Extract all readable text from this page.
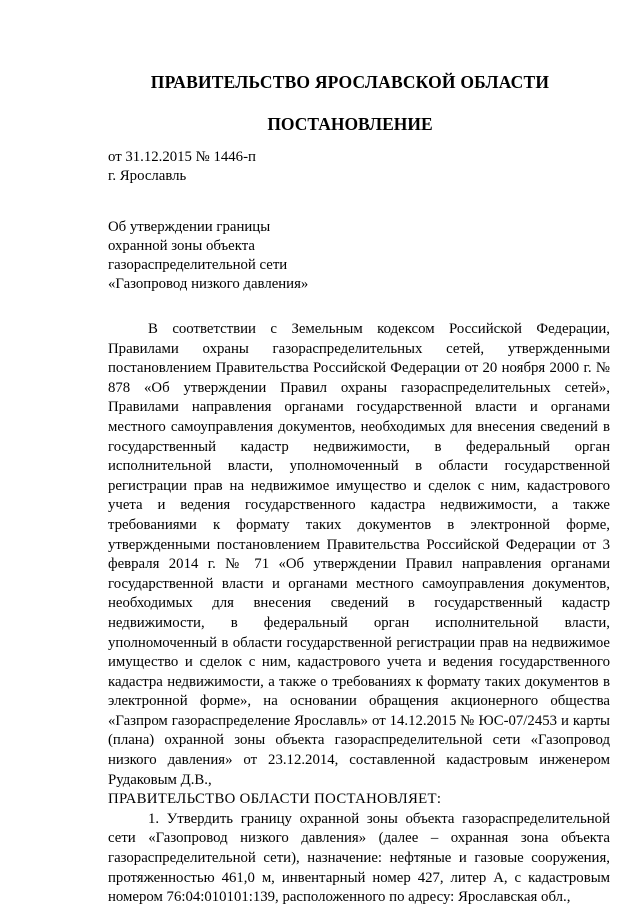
ПРАВИТЕЛЬСТВО ЯРОСЛАВСКОЙ ОБЛАСТИ
ПОСТАНОВЛЕНИЕ
от 31.12.2015 № 1446-п
г. Ярославль
Об утверждении границы
охранной зоны объекта
газораспределительной сети
«Газопровод низкого давления»

В соответствии с Земельным кодексом Российской Федерации, Правилами охраны газораспределительных сетей, утвержденными постановлением Правительства Российской Федерации от 20 ноября 2000 г. № 878 «Об утверждении Правил охраны газораспределительных сетей», Правилами направления органами государственной власти и органами местного самоуправления документов, необходимых для внесения сведений в государственный кадастр недвижимости, в федеральный орган исполнительной власти, уполномоченный в области государственной регистрации прав на недвижимое имущество и сделок с ним, кадастрового учета и ведения государственного кадастра недвижимости, а также требованиями к формату таких документов в электронной форме, утвержденными постановлением Правительства Российской Федерации от 3 февраля 2014 г. № 71 «Об утверждении Правил направления органами государственной власти и органами местного самоуправления документов, необходимых для внесения сведений в государственный кадастр недвижимости, в федеральный орган исполнительной власти, уполномоченный в области государственной регистрации прав на недвижимое имущество и сделок с ним, кадастрового учета и ведения государственного кадастра недвижимости, а также о требованиях к формату таких документов в электронной форме», на основании обращения акционерного общества «Газпром газораспределение Ярославль» от 14.12.2015 № ЮС-07/2453 и карты (плана) охранной зоны объекта газораспределительной сети «Газопровод низкого давления» от 23.12.2014, составленной кадастровым инженером Рудаковым Д.В.,

ПРАВИТЕЛЬСТВО ОБЛАСТИ ПОСТАНОВЛЯЕТ:

1. Утвердить границу охранной зоны объекта газораспределительной сети «Газопровод низкого давления» (далее – охранная зона объекта газораспределительной сети), назначение: нефтяные и газовые сооружения, протяженностью 461,0 м, инвентарный номер 427, литер А, с кадастровым номером 76:04:010101:139, расположенного по адресу: Ярославская обл.,
